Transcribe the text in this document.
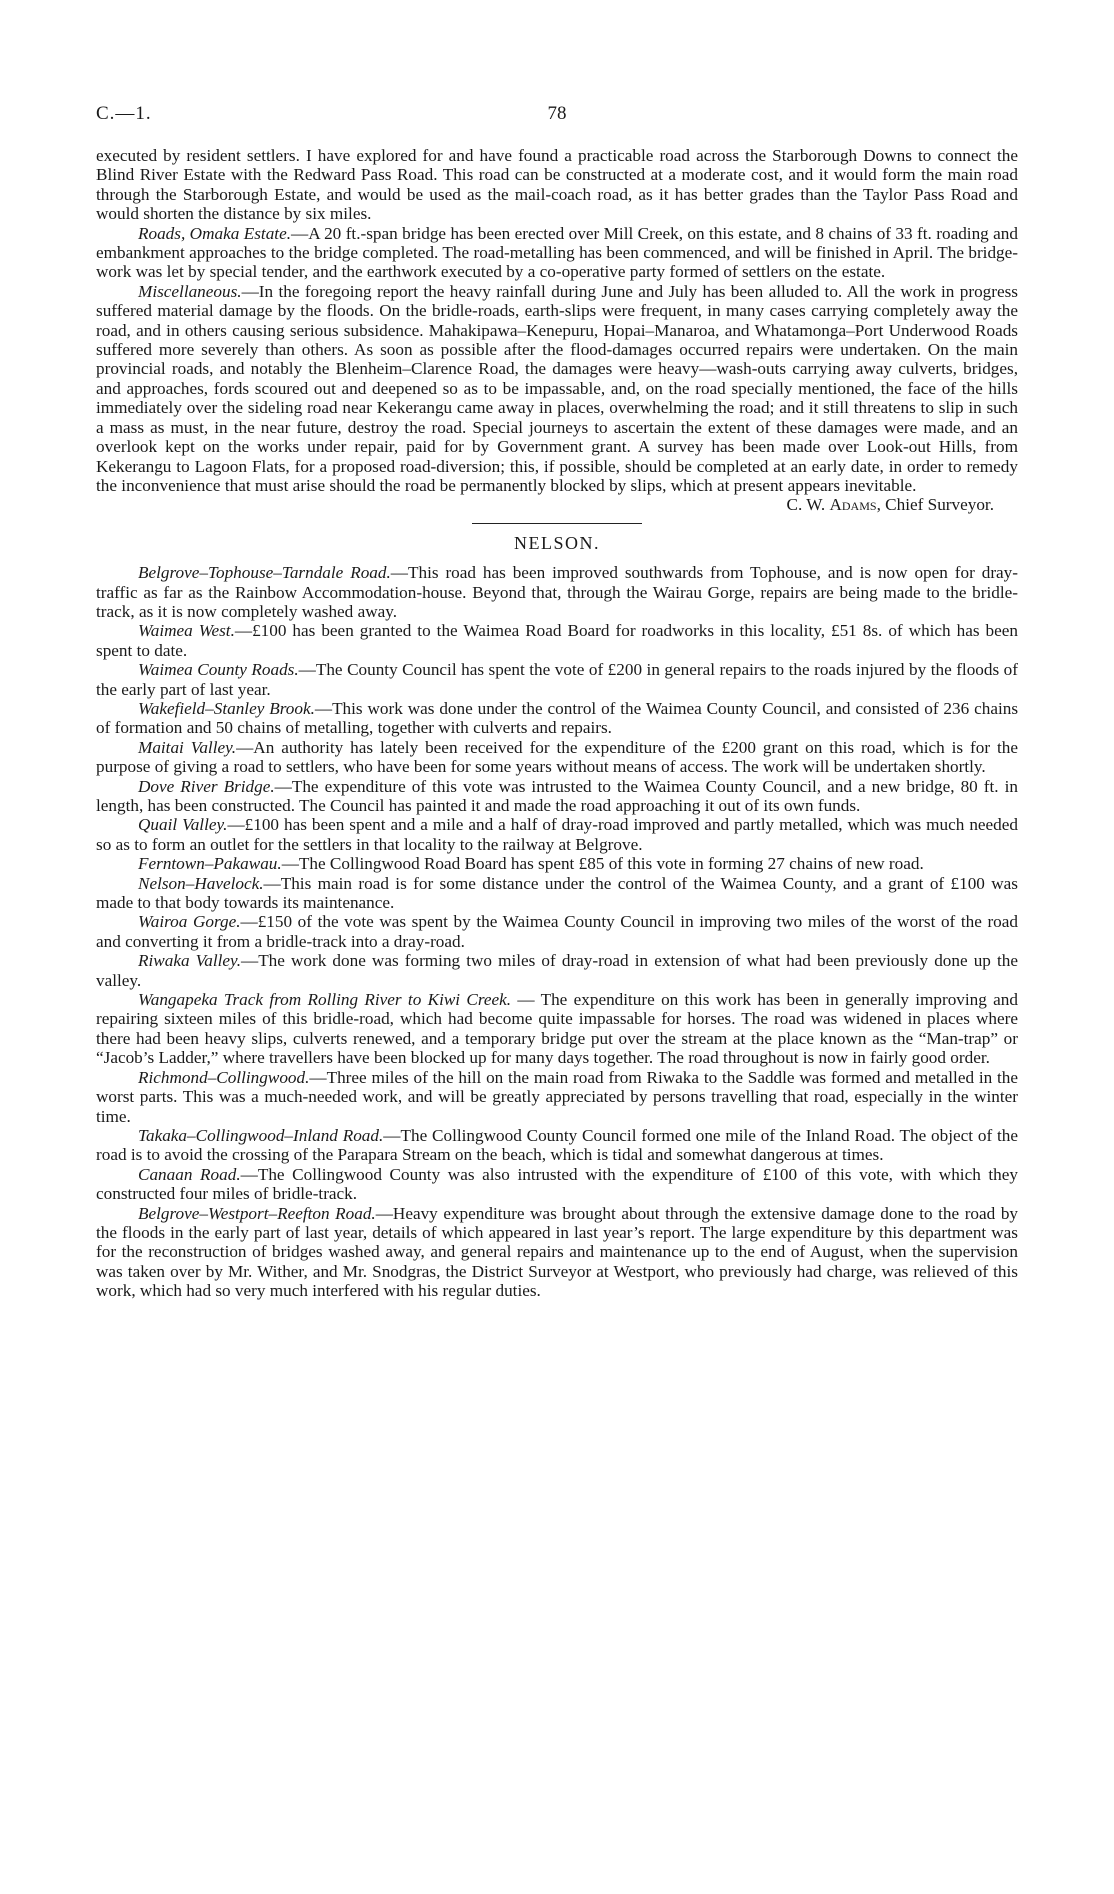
C.—1.	78

executed by resident settlers. I have explored for and have found a practicable road across the Starborough Downs to connect the Blind River Estate with the Redward Pass Road. This road can be constructed at a moderate cost, and it would form the main road through the Starborough Estate, and would be used as the mail-coach road, as it has better grades than the Taylor Pass Road and would shorten the distance by six miles.

Roads, Omaka Estate.—A 20 ft.-span bridge has been erected over Mill Creek, on this estate, and 8 chains of 33 ft. roading and embankment approaches to the bridge completed. The road-metalling has been commenced, and will be finished in April. The bridge-work was let by special tender, and the earthwork executed by a co-operative party formed of settlers on the estate.

Miscellaneous.—In the foregoing report the heavy rainfall during June and July has been alluded to. All the work in progress suffered material damage by the floods. On the bridle-roads, earth-slips were frequent, in many cases carrying completely away the road, and in others causing serious subsidence. Mahakipawa–Kenepuru, Hopai–Manaroa, and Whatamonga–Port Underwood Roads suffered more severely than others. As soon as possible after the flood-damages occurred repairs were undertaken. On the main provincial roads, and notably the Blenheim–Clarence Road, the damages were heavy—wash-outs carrying away culverts, bridges, and approaches, fords scoured out and deepened so as to be impassable, and, on the road specially mentioned, the face of the hills immediately over the sideling road near Kekerangu came away in places, overwhelming the road; and it still threatens to slip in such a mass as must, in the near future, destroy the road. Special journeys to ascertain the extent of these damages were made, and an overlook kept on the works under repair, paid for by Government grant. A survey has been made over Look-out Hills, from Kekerangu to Lagoon Flats, for a proposed road-diversion; this, if possible, should be completed at an early date, in order to remedy the inconvenience that must arise should the road be permanently blocked by slips, which at present appears inevitable.

C. W. Adams, Chief Surveyor.

NELSON.

Belgrove–Tophouse–Tarndale Road.—This road has been improved southwards from Tophouse, and is now open for dray-traffic as far as the Rainbow Accommodation-house. Beyond that, through the Wairau Gorge, repairs are being made to the bridle-track, as it is now completely washed away.

Waimea West.—£100 has been granted to the Waimea Road Board for roadworks in this locality, £51 8s. of which has been spent to date.

Waimea County Roads.—The County Council has spent the vote of £200 in general repairs to the roads injured by the floods of the early part of last year.

Wakefield–Stanley Brook.—This work was done under the control of the Waimea County Council, and consisted of 236 chains of formation and 50 chains of metalling, together with culverts and repairs.

Maitai Valley.—An authority has lately been received for the expenditure of the £200 grant on this road, which is for the purpose of giving a road to settlers, who have been for some years without means of access. The work will be undertaken shortly.

Dove River Bridge.—The expenditure of this vote was intrusted to the Waimea County Council, and a new bridge, 80 ft. in length, has been constructed. The Council has painted it and made the road approaching it out of its own funds.

Quail Valley.—£100 has been spent and a mile and a half of dray-road improved and partly metalled, which was much needed so as to form an outlet for the settlers in that locality to the railway at Belgrove.

Ferntown–Pakawau.—The Collingwood Road Board has spent £85 of this vote in forming 27 chains of new road.

Nelson–Havelock.—This main road is for some distance under the control of the Waimea County, and a grant of £100 was made to that body towards its maintenance.

Wairoa Gorge.—£150 of the vote was spent by the Waimea County Council in improving two miles of the worst of the road and converting it from a bridle-track into a dray-road.

Riwaka Valley.—The work done was forming two miles of dray-road in extension of what had been previously done up the valley.

Wangapeka Track from Rolling River to Kiwi Creek. — The expenditure on this work has been in generally improving and repairing sixteen miles of this bridle-road, which had become quite impassable for horses. The road was widened in places where there had been heavy slips, culverts renewed, and a temporary bridge put over the stream at the place known as the “Man-trap” or “Jacob’s Ladder,” where travellers have been blocked up for many days together. The road throughout is now in fairly good order.

Richmond–Collingwood.—Three miles of the hill on the main road from Riwaka to the Saddle was formed and metalled in the worst parts. This was a much-needed work, and will be greatly appreciated by persons travelling that road, especially in the winter time.

Takaka–Collingwood–Inland Road.—The Collingwood County Council formed one mile of the Inland Road. The object of the road is to avoid the crossing of the Parapara Stream on the beach, which is tidal and somewhat dangerous at times.

Canaan Road.—The Collingwood County was also intrusted with the expenditure of £100 of this vote, with which they constructed four miles of bridle-track.

Belgrove–Westport–Reefton Road.—Heavy expenditure was brought about through the extensive damage done to the road by the floods in the early part of last year, details of which appeared in last year’s report. The large expenditure by this department was for the reconstruction of bridges washed away, and general repairs and maintenance up to the end of August, when the supervision was taken over by Mr. Wither, and Mr. Snodgras, the District Surveyor at Westport, who previously had charge, was relieved of this work, which had so very much interfered with his regular duties.
